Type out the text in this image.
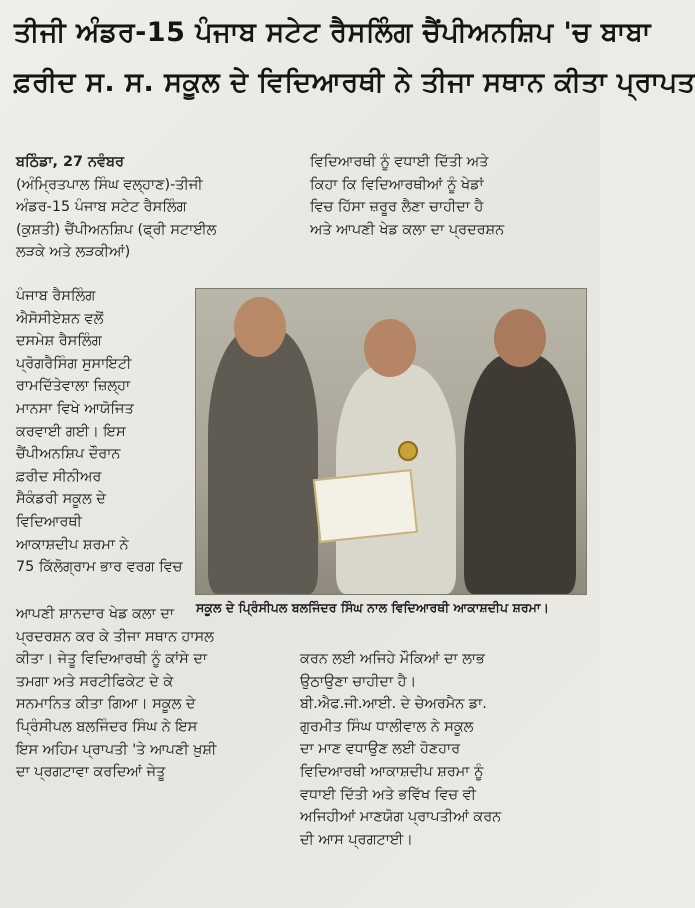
ਤੀਜੀ ਅੰਡਰ-15 ਪੰਜਾਬ ਸਟੇਟ ਰੈਸਲਿੰਗ ਚੈਂਪੀਅਨਸ਼ਿਪ 'ਚ ਬਾਬਾ
ਫ਼ਰੀਦ ਸ. ਸ. ਸਕੂਲ ਦੇ ਵਿਦਿਆਰਥੀ ਨੇ ਤੀਜਾ ਸਥਾਨ ਕੀਤਾ ਪ੍ਰਾਪਤ
ਬਠਿੰਡਾ, 27 ਨਵੰਬਰ
(ਅੰਮ੍ਰਿਤਪਾਲ ਸਿੰਘ ਵਲ੍ਹਾਣ)-ਤੀਜੀ
ਅੰਡਰ-15 ਪੰਜਾਬ ਸਟੇਟ ਰੈਸਲਿੰਗ
(ਕੁਸ਼ਤੀ) ਚੈਂਪੀਅਨਸ਼ਿਪ (ਫ੍ਰੀ ਸਟਾਈਲ
ਲੜਕੇ ਅਤੇ ਲੜਕੀਆਂ)
ਪੰਜਾਬ ਰੈਸਲਿੰਗ
ਐਸੋਸੀਏਸ਼ਨ ਵਲੋਂ
ਦਸਮੇਸ਼ ਰੈਸਲਿੰਗ
ਪ੍ਰੋਗਰੈਸਿੰਗ ਸੁਸਾਇਟੀ
ਰਾਮਦਿੱਤੇਵਾਲਾ ਜ਼ਿਲ੍ਹਾ
ਮਾਨਸਾ ਵਿਖੇ ਆਯੋਜਿਤ
ਕਰਵਾਈ ਗਈ। ਇਸ
ਚੈਂਪੀਅਨਸ਼ਿਪ ਦੌਰਾਨ
ਫ਼ਰੀਦ ਸੀਨੀਅਰ
ਸੈਕੰਡਰੀ ਸਕੂਲ ਦੇ
ਵਿਦਿਆਰਥੀ
ਆਕਾਸ਼ਦੀਪ ਸ਼ਰਮਾ ਨੇ
75 ਕਿੱਲੋਗ੍ਰਾਮ ਭਾਰ ਵਰਗ ਵਿਚ
ਆਪਣੀ ਸ਼ਾਨਦਾਰ ਖੇਡ ਕਲਾ ਦਾ
ਪ੍ਰਦਰਸ਼ਨ ਕਰ ਕੇ ਤੀਜਾ ਸਥਾਨ ਹਾਸਲ
ਕੀਤਾ। ਜੇਤੂ ਵਿਦਿਆਰਥੀ ਨੂੰ ਕਾਂਸੇ ਦਾ
ਤਮਗਾ ਅਤੇ ਸਰਟੀਫਿਕੇਟ ਦੇ ਕੇ
ਸਨਮਾਨਿਤ ਕੀਤਾ ਗਿਆ। ਸਕੂਲ ਦੇ
ਪ੍ਰਿੰਸੀਪਲ ਬਲਜਿੰਦਰ ਸਿੰਘ ਨੇ ਇਸ
ਇਸ ਅਹਿਮ ਪ੍ਰਾਪਤੀ 'ਤੇ ਆਪਣੀ ਖ਼ੁਸ਼ੀ
ਦਾ ਪ੍ਰਗਟਾਵਾ ਕਰਦਿਆਂ ਜੇਤੂ
ਵਿਦਿਆਰਥੀ ਨੂੰ ਵਧਾਈ ਦਿੱਤੀ ਅਤੇ
ਕਿਹਾ ਕਿ ਵਿਦਿਆਰਥੀਆਂ ਨੂੰ ਖੇਡਾਂ
ਵਿਚ ਹਿੱਸਾ ਜ਼ਰੂਰ ਲੈਣਾ ਚਾਹੀਦਾ ਹੈ
ਅਤੇ ਆਪਣੀ ਖੇਡ ਕਲਾ ਦਾ ਪ੍ਰਦਰਸ਼ਨ
ਸਕੂਲ ਦੇ ਪ੍ਰਿੰਸੀਪਲ ਬਲਜਿੰਦਰ ਸਿੰਘ ਨਾਲ ਵਿਦਿਆਰਥੀ ਆਕਾਸ਼ਦੀਪ ਸ਼ਰਮਾ।
ਕਰਨ ਲਈ ਅਜਿਹੇ ਮੌਕਿਆਂ ਦਾ ਲਾਭ
ਉਠਾਉਣਾ ਚਾਹੀਦਾ ਹੈ।
ਬੀ.ਐਫ.ਜੀ.ਆਈ. ਦੇ ਚੇਅਰਮੈਨ ਡਾ.
ਗੁਰਮੀਤ ਸਿੰਘ ਧਾਲੀਵਾਲ ਨੇ ਸਕੂਲ
ਦਾ ਮਾਣ ਵਧਾਉਣ ਲਈ ਹੋਣਹਾਰ
ਵਿਦਿਆਰਥੀ ਆਕਾਸ਼ਦੀਪ ਸ਼ਰਮਾ ਨੂੰ
ਵਧਾਈ ਦਿੱਤੀ ਅਤੇ ਭਵਿੱਖ ਵਿਚ ਵੀ
ਅਜਿਹੀਆਂ ਮਾਣਯੋਗ ਪ੍ਰਾਪਤੀਆਂ ਕਰਨ
ਦੀ ਆਸ ਪ੍ਰਗਟਾਈ।
